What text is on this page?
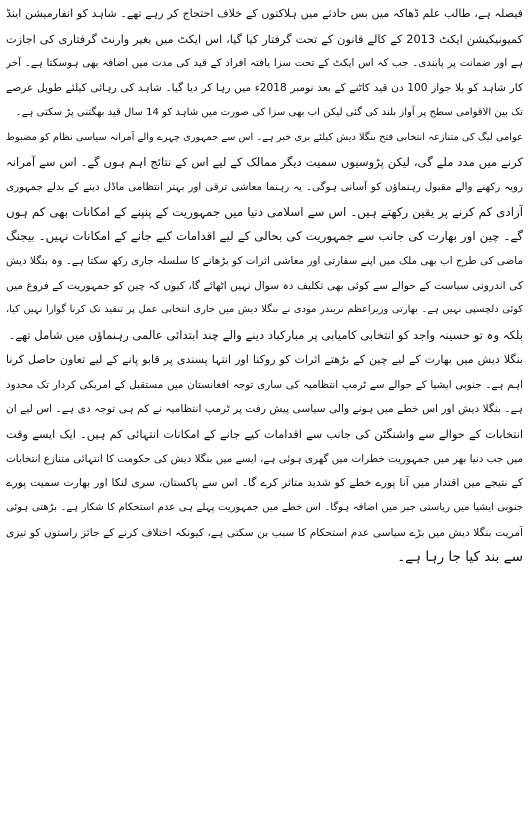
فیصلہ ہے، طالب علم ڈھاکہ میں بس حادثے میں ہلاکتوں کے خلاف احتجاج کر رہے تھے۔ شاہد کو انفارمیشن اینڈ
کمیونیکیشن ایکٹ 2013 کے کالے قانون کے تحت گرفتار کیا گیا، اس ایکٹ میں بغیر وارنٹ گرفتاری کی اجازت
ہے اور ضمانت پر پابندی۔ جب کہ اس ایکٹ کے تحت سزا یافتہ افراد کے قید کی مدت میں اضافہ بھی ہوسکتا ہے۔ آخر
کار شاہد کو بلا جواز 100 دن قید کاٹنے کے بعد نومبر 2018ء میں رہا کر دیا گیا۔ شاہد کی رہائی کیلئے طویل عرصے
تک بین الاقوامی سطح پر آواز بلند کی گئی لیکن اب بھی سزا کی صورت میں شاہد کو 14 سال قید بھگتنی پڑ سکتی ہے۔
عوامی لیگ کی متنازعہ انتخابی فتح بنگلا دیش کیلئے بری خبر ہے۔ اس سے جمہوری چہرے والے آمرانہ سیاسی نظام کو مضبوط
کرنے میں مدد ملے گی، لیکن پڑوسیوں سمیت دیگر ممالک کے لیے اس کے نتائج اہم ہوں گے۔ اس سے آمرانہ
رویہ رکھنے والے مقبول رہنماؤں کو آسانی ہوگی۔ یہ رہنما معاشی ترقی اور بہتر انتظامی ماڈل دینے کے بدلے جمہوری
آزادی کم کرنے پر یقین رکھتے ہیں۔ اس سے اسلامی دنیا میں جمہوریت کے پنپنے کے امکانات بھی کم ہوں
گے۔ چین اور بھارت کی جانب سے جمہوریت کی بحالی کے لیے اقدامات کیے جانے کے امکانات نہیں۔ بیجنگ
ماضی کی طرح اب بھی ملک میں اپنے سفارتی اور معاشی اثرات کو بڑھانے کا سلسلہ جاری رکھ سکتا ہے۔ وہ بنگلا دیش
کی اندرونی سیاست کے حوالے سے کوئی بھی تکلیف دہ سوال نہیں اٹھائے گا، کیوں کہ چین کو جمہوریت کے فروغ میں
کوئی دلچسپی نہیں ہے۔ بھارتی وزیراعظم نریندر مودی نے بنگلا دیش میں جاری انتخابی عمل پر تنقید تک کرنا گوارا نہیں کیا،
بلکہ وہ تو حسینہ واجد کو انتخابی کامیابی پر مبارکباد دینے والے چند ابتدائی عالمی رہنماؤں میں شامل تھے۔
بنگلا دیش میں بھارت کے لیے چین کے بڑھتے اثرات کو روکنا اور انتہا پسندی پر قابو پانے کے لیے تعاون حاصل کرنا
اہم ہے۔ جنوبی ایشیا کے حوالے سے ٹرمپ انتظامیہ کی ساری توجہ افغانستان میں مستقبل کے امریکی کردار تک محدود
ہے۔ بنگلا دیش اور اس خطے میں ہونے والی سیاسی پیش رفت پر ٹرمپ انتظامیہ نے کم ہی توجہ دی ہے۔ اس لیے ان
انتخابات کے حوالے سے واشنگٹن کی جانب سے اقدامات کیے جانے کے امکانات انتہائی کم ہیں۔ ایک ایسے وقت
میں جب دنیا بھر میں جمہوریت خطرات میں گھری ہوئی ہے، ایسے میں بنگلا دیش کی حکومت کا انتہائی متنازع انتخابات
کے نتیجے میں اقتدار میں آنا پورے خطے کو شدید متاثر کرے گا۔ اس سے پاکستان، سری لنکا اور بھارت سمیت پورے
جنوبی ایشیا میں ریاستی جبر میں اضافہ ہوگا۔ اس خطے میں جمہوریت پہلے ہی عدم استحکام کا شکار ہے۔ بڑھتی ہوئی
آمریت بنگلا دیش میں بڑے سیاسی عدم استحکام کا سبب بن سکتی ہے، کیونکہ اختلاف کرنے کے جائز راستوں کو تیزی
سے بند کیا جا رہا ہے۔
